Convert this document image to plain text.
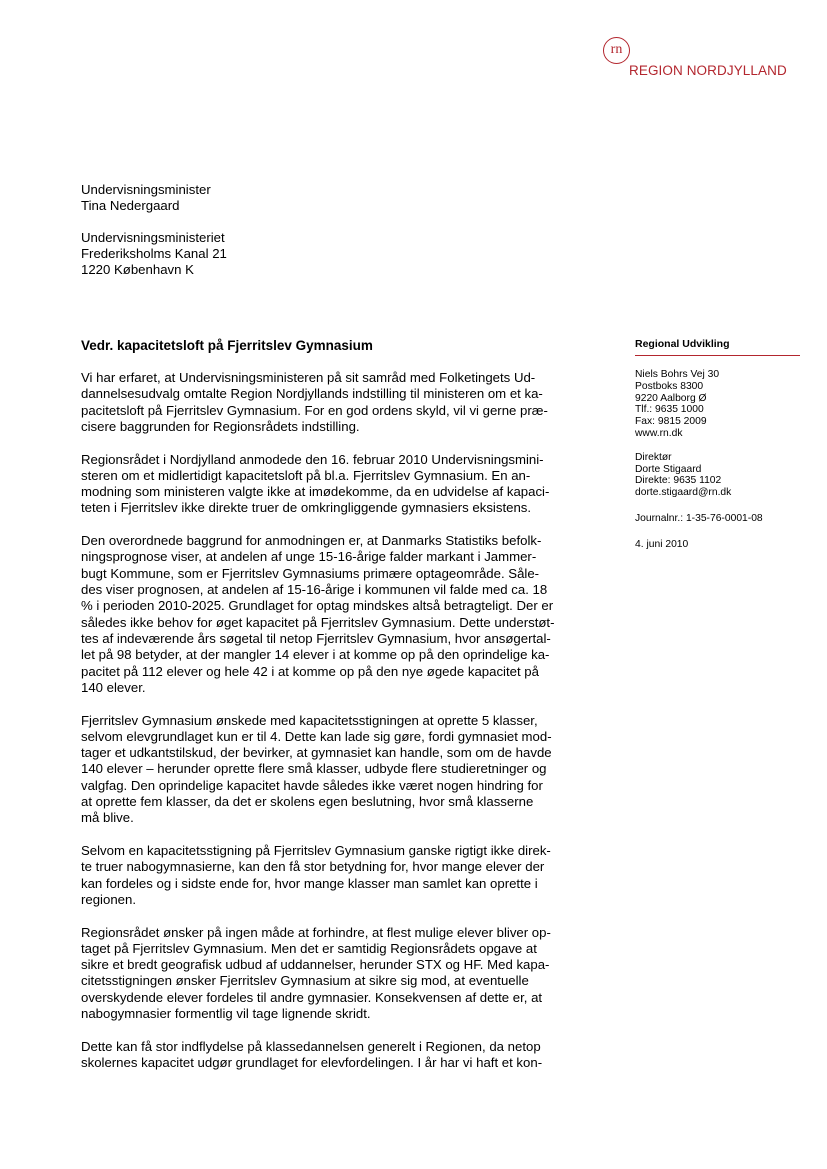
rn
REGION NORDJYLLAND
Undervisningsminister
Tina Nedergaard
Undervisningsministeriet
Frederiksholms Kanal 21
1220 København K
Vedr. kapacitetsloft på Fjerritslev Gymnasium	Regional Udvikling
Niels Bohrs Vej 30
Postboks 8300
9220 Aalborg Ø
Tlf.: 9635 1000
Fax: 9815 2009
www.rn.dk
Direktør
Dorte Stigaard
Direkte: 9635 1102
dorte.stigaard@rn.dk
Journalnr.: 1-35-76-0001-08
4. juni 2010
Vi har erfaret, at Undervisningsministeren på sit samråd med Folketingets Ud-
dannelsesudvalg omtalte Region Nordjyllands indstilling til ministeren om et ka-
pacitetsloft på Fjerritslev Gymnasium. For en god ordens skyld, vil vi gerne præ-
cisere baggrunden for Regionsrådets indstilling.
Regionsrådet i Nordjylland anmodede den 16. februar 2010 Undervisningsmini-
steren om et midlertidigt kapacitetsloft på bl.a. Fjerritslev Gymnasium. En an-
modning som ministeren valgte ikke at imødekomme, da en udvidelse af kapaci-
teten i Fjerritslev ikke direkte truer de omkringliggende gymnasiers eksistens.
Den overordnede baggrund for anmodningen er, at Danmarks Statistiks befolk-
ningsprognose viser, at andelen af unge 15-16-årige falder markant i Jammer-
bugt Kommune, som er Fjerritslev Gymnasiums primære optageområde. Såle-
des viser prognosen, at andelen af 15-16-årige i kommunen vil falde med ca. 18
% i perioden 2010-2025. Grundlaget for optag mindskes altså betragteligt. Der er
således ikke behov for øget kapacitet på Fjerritslev Gymnasium. Dette understøt-
tes af indeværende års søgetal til netop Fjerritslev Gymnasium, hvor ansøgertal-
let på 98 betyder, at der mangler 14 elever i at komme op på den oprindelige ka-
pacitet på 112 elever og hele 42 i at komme op på den nye øgede kapacitet på
140 elever.
Fjerritslev Gymnasium ønskede med kapacitetsstigningen at oprette 5 klasser,
selvom elevgrundlaget kun er til 4. Dette kan lade sig gøre, fordi gymnasiet mod-
tager et udkantstilskud, der bevirker, at gymnasiet kan handle, som om de havde
140 elever – herunder oprette flere små klasser, udbyde flere studieretninger og
valgfag. Den oprindelige kapacitet havde således ikke været nogen hindring for
at oprette fem klasser, da det er skolens egen beslutning, hvor små klasserne
må blive.
Selvom en kapacitetsstigning på Fjerritslev Gymnasium ganske rigtigt ikke direk-
te truer nabogymnasierne, kan den få stor betydning for, hvor mange elever der
kan fordeles og i sidste ende for, hvor mange klasser man samlet kan oprette i
regionen.
Regionsrådet ønsker på ingen måde at forhindre, at flest mulige elever bliver op-
taget på Fjerritslev Gymnasium. Men det er samtidig Regionsrådets opgave at
sikre et bredt geografisk udbud af uddannelser, herunder STX og HF. Med kapa-
citetsstigningen ønsker Fjerritslev Gymnasium at sikre sig mod, at eventuelle
overskydende elever fordeles til andre gymnasier. Konsekvensen af dette er, at
nabogymnasier formentlig vil tage lignende skridt.
Dette kan få stor indflydelse på klassedannelsen generelt i Regionen, da netop
skolernes kapacitet udgør grundlaget for elevfordelingen. I år har vi haft et kon-
